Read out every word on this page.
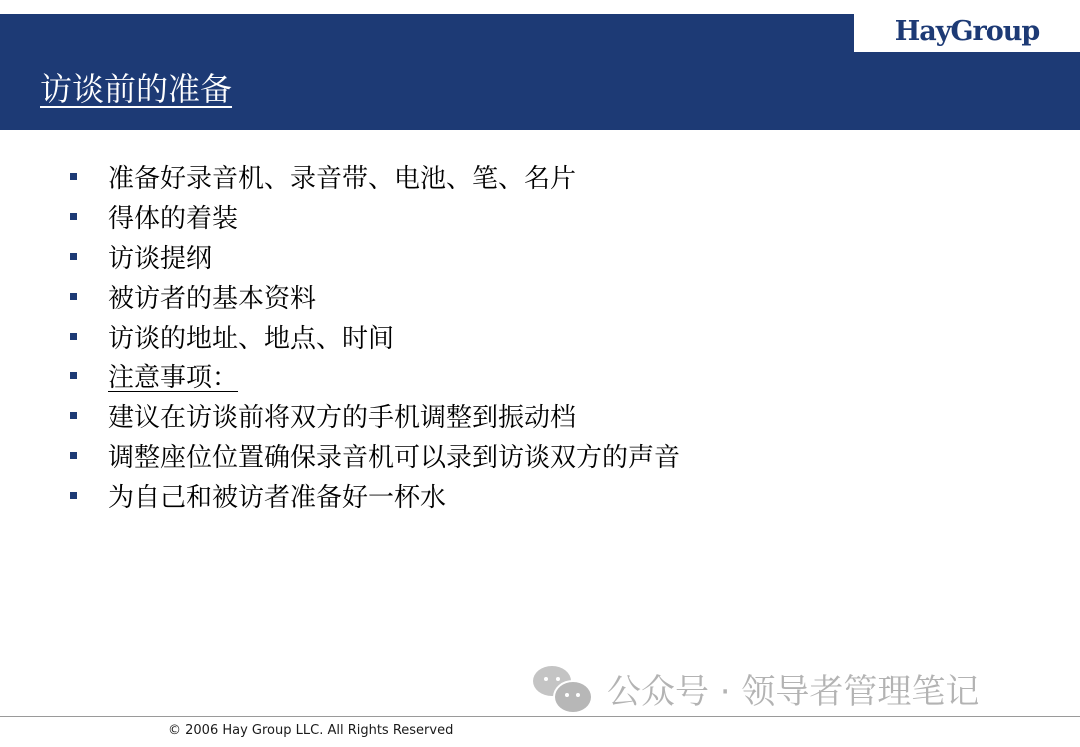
HayGroup
访谈前的准备
准备好录音机、录音带、电池、笔、名片
得体的着装
访谈提纲
被访者的基本资料
访谈的地址、地点、时间
注意事项：
建议在访谈前将双方的手机调整到振动档
调整座位位置确保录音机可以录到访谈双方的声音
为自己和被访者准备好一杯水
公众号 · 领导者管理笔记
© 2006 Hay Group LLC. All Rights Reserved
